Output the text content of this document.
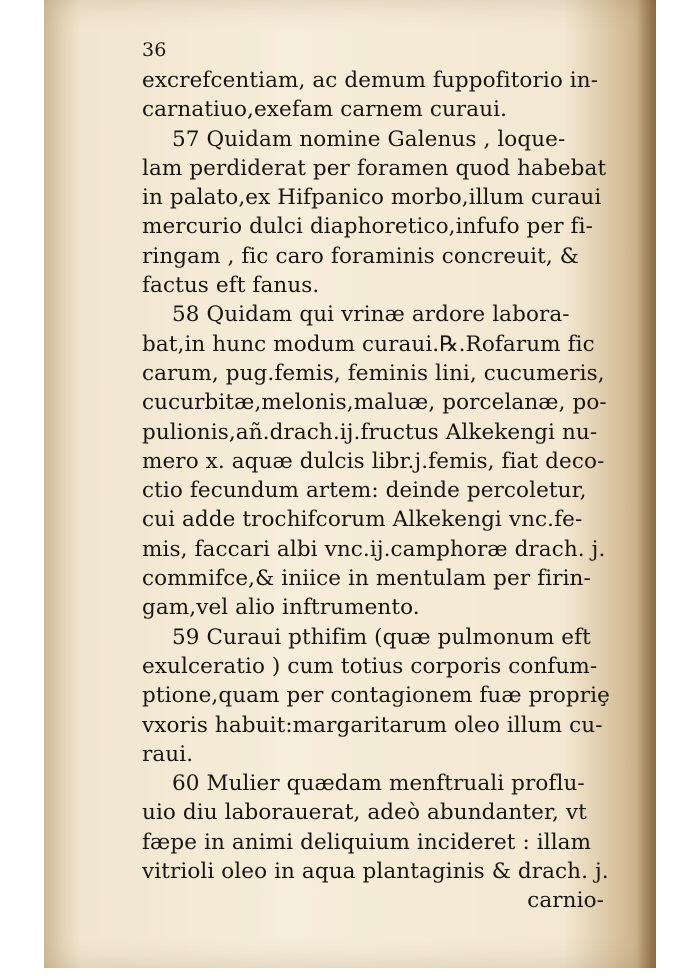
36
excrefcentiam, ac demum fuppofitorio in-
carnatiuo,exefam carnem curaui.
57 Quidam nomine Galenus , loque-
lam perdiderat per foramen quod habebat
in palato,ex Hifpanico morbo,illum curaui
mercurio dulci diaphoretico,infufo per fi-
ringam , fic caro foraminis concreuit, &
factus eft fanus.
58 Quidam qui vrinæ ardore labora-
bat,in hunc modum curaui.℞.Rofarum fic
carum, pug.femis, feminis lini, cucumeris,
cucurbitæ,melonis,maluæ, porcelanæ, po-
pulionis,añ.drach.ij.fructus Alkekengi nu-
mero x. aquæ dulcis libr.j.femis, fiat deco-
ctio fecundum artem: deinde percoletur,
cui adde trochifcorum Alkekengi vnc.fe-
mis, faccari albi vnc.ij.camphoræ drach. j.
commifce,& iniice in mentulam per firin-
gam,vel alio inftrumento.
59 Curaui pthifim (quæ pulmonum eft
exulceratio ) cum totius corporis confum-
ptione,quam per contagionem fuæ propriȩ
vxoris habuit:margaritarum oleo illum cu-
raui.
60 Mulier quædam menftruali proflu-
uio diu laborauerat, adeò abundanter, vt
fæpe in animi deliquium incideret : illam
vitrioli oleo in aqua plantaginis & drach. j.
carnio-
